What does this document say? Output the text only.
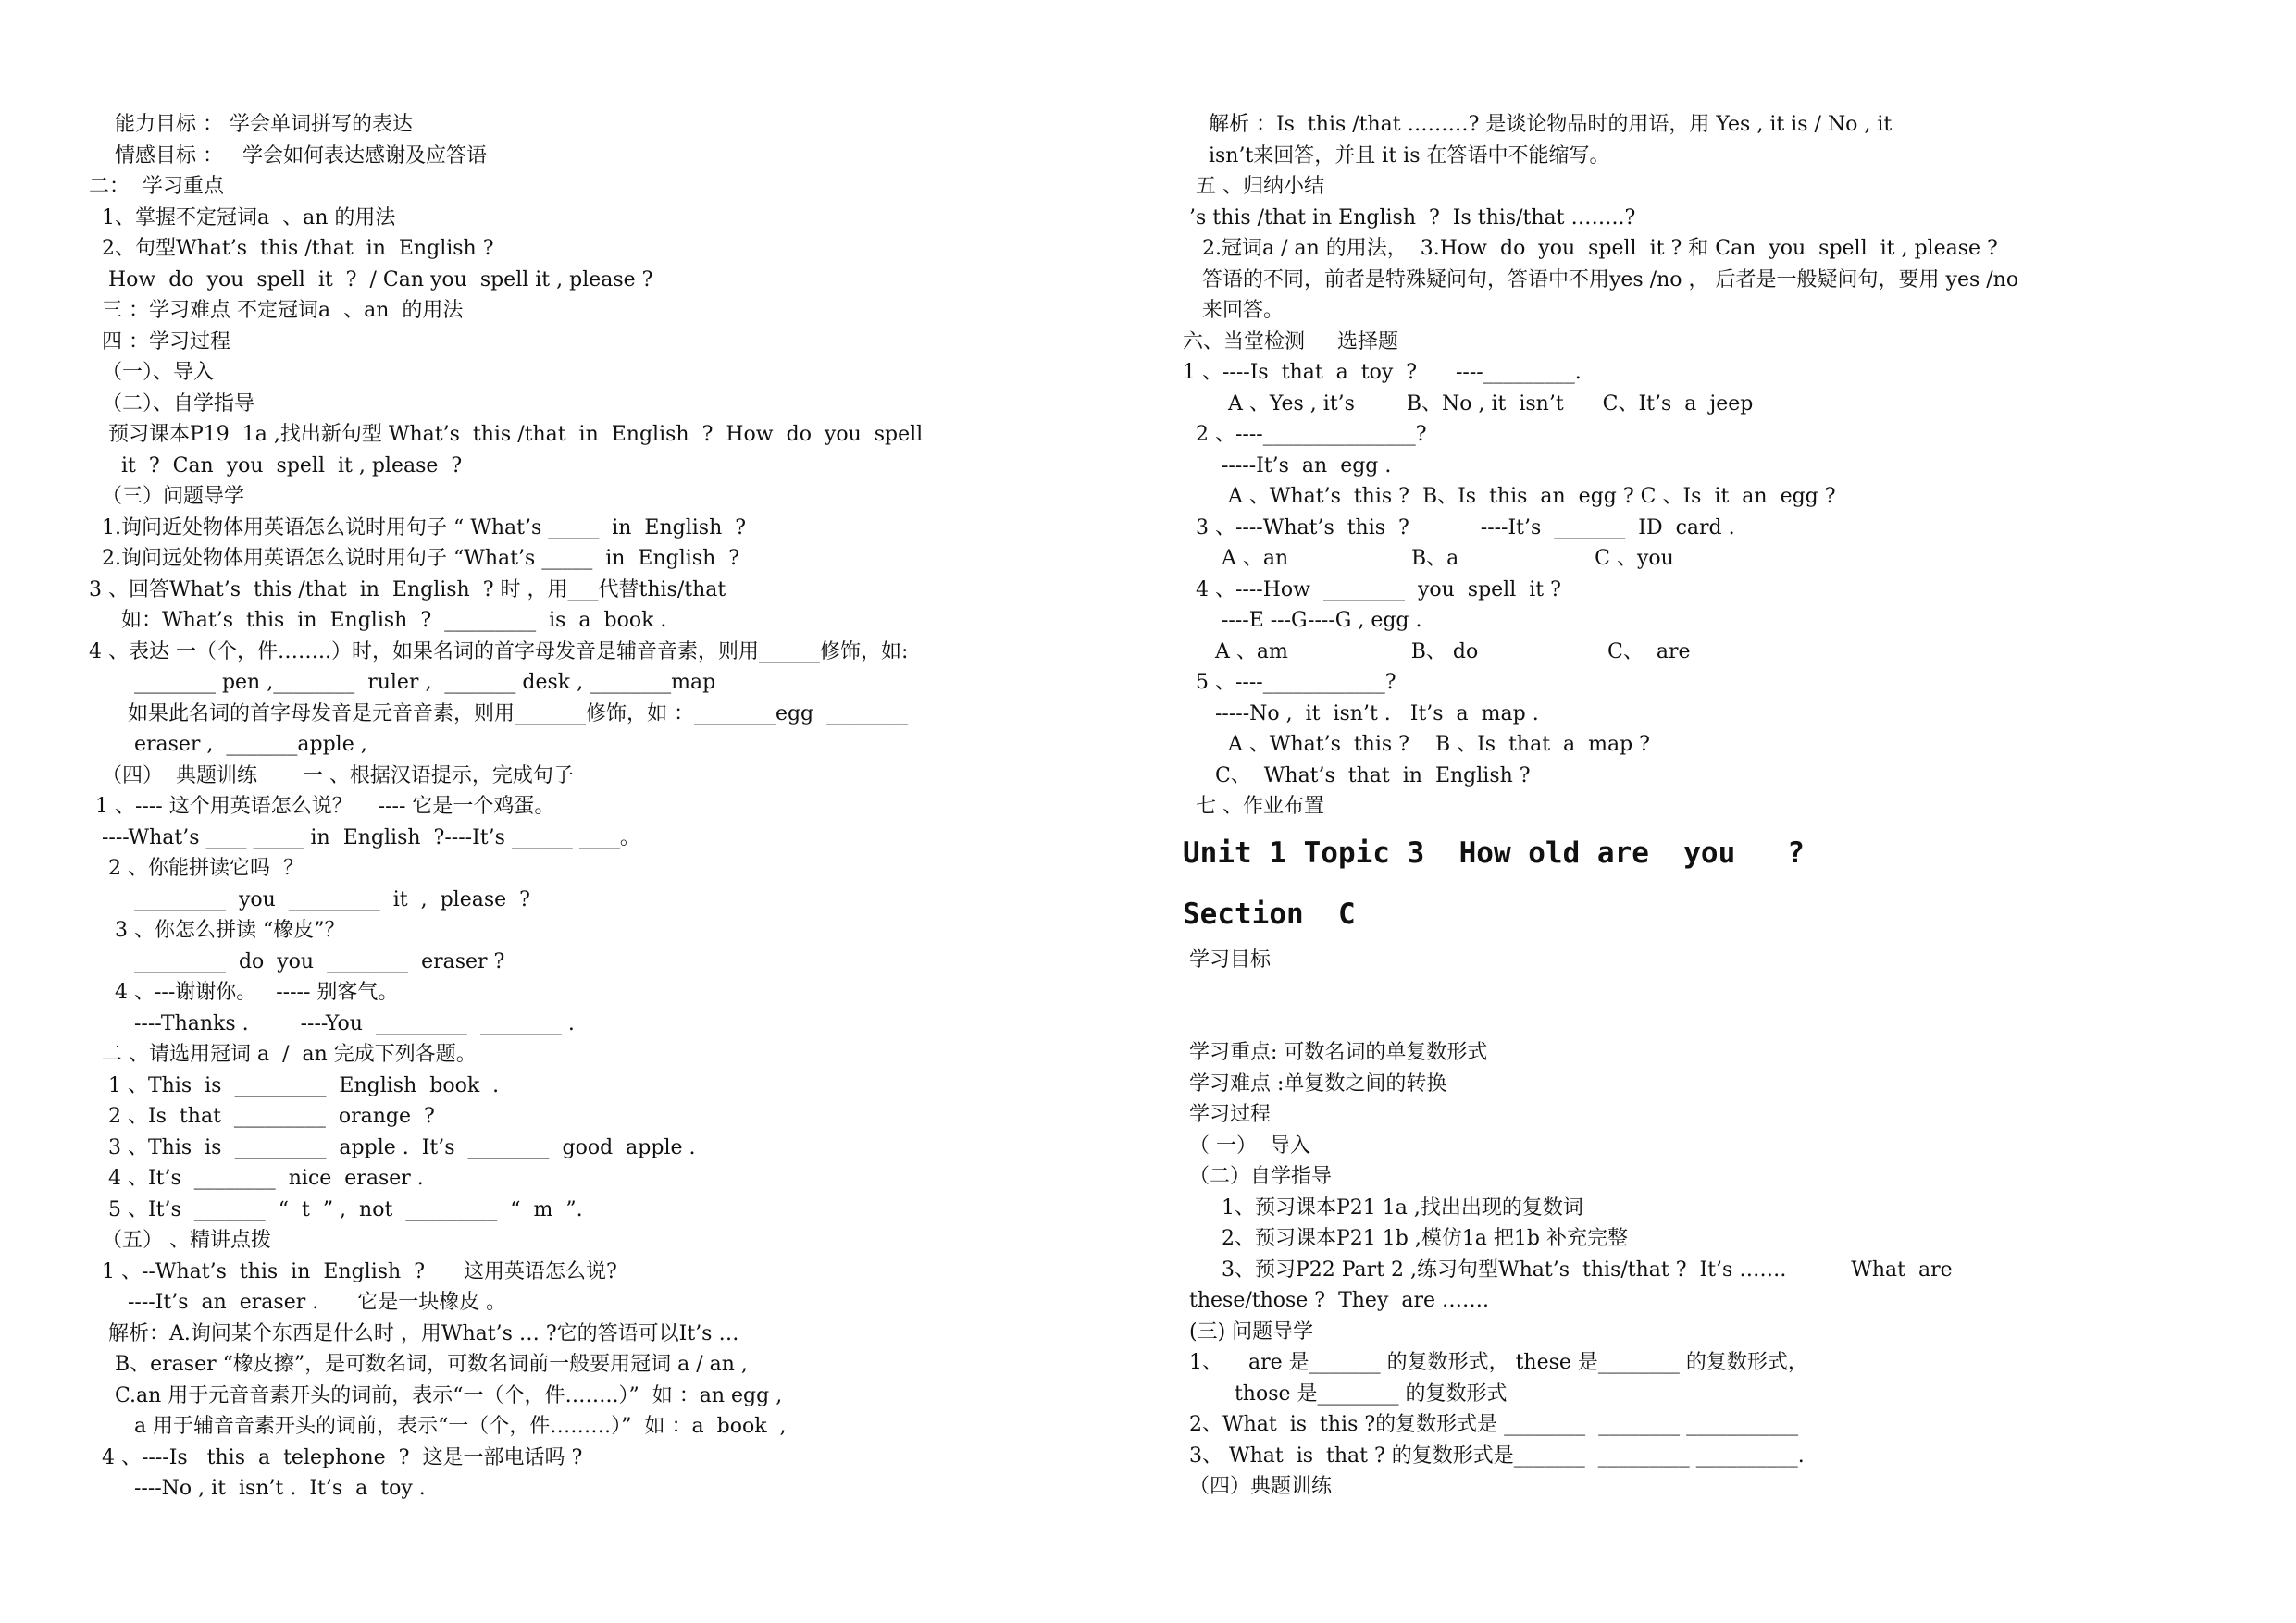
能力目标 ： 学会单词拼写的表达
情感目标 ：   学会如何表达感谢及应答语
二：  学习重点
1、掌握不定冠词a  、an 的用法
2、句型What’s  this /that  in  English ?
How  do  you  spell  it  ?  / Can you  spell it , please ?
三 ：学习难点 不定冠词a  、an  的用法
四 ：学习过程
（一）、导入
（二）、自学指导
预习课本P19  1a ,找出新句型 What’s  this /that  in  English  ?  How  do  you  spell
it  ?  Can  you  spell  it , please  ?
（三）问题导学
1.询问近处物体用英语怎么说时用句子 “ What’s _____  in  English  ?
2.询问远处物体用英语怎么说时用句子 “What’s _____  in  English  ?
3 、回答What’s  this /that  in  English  ? 时 ，用___代替this/that
如：What’s  this  in  English  ?  _________  is  a  book .
4 、表达 一（个，件……..）时，如果名词的首字母发音是辅音音素，则用______修饰，如:
________ pen ,________  ruler ,  _______ desk , ________map
如果此名词的首字母发音是元音音素，则用_______修饰，如 ：________egg  ________
eraser ,  _______apple ,
（四）  典题训练       一 、根据汉语提示，完成句子
1 、---- 这个用英语怎么说？    ---- 它是一个鸡蛋。
----What’s ____ _____ in  English  ?----It’s ______ ____。
2 、你能拼读它吗  ？
_________  you  _________  it  ,  please  ?
3 、你怎么拼读 “橡皮”？
_________  do  you  ________  eraser ?
4 、---谢谢你。   ----- 别客气。
----Thanks .        ----You  _________  ________ .
二 、请选用冠词 a  /  an 完成下列各题。
1 、This  is  _________  English  book  .
2 、Is  that  _________  orange  ?
3 、This  is  _________  apple .  It’s  ________  good  apple .
4 、It’s  ________  nice  eraser .
5 、It’s  _______  “  t  ” ,  not  _________  “  m  ”.
（五） 、精讲点拨
1 、--What’s  this  in  English  ?      这用英语怎么说?
----It’s  an  eraser .      它是一块橡皮 。
解析：A.询问某个东西是什么时 ，用What’s … ?它的答语可以It’s …
B、eraser “橡皮擦”，是可数名词，可数名词前一般要用冠词 a / an ,
C.an 用于元音音素开头的词前，表示“一（个，件……..）”  如 ：an egg ,
a 用于辅音音素开头的词前，表示“一（个，件………）”  如 ：a  book  ,
4 、----Is   this  a  telephone  ?  这是一部电话吗 ?
----No , it  isn’t .  It’s  a  toy .
解析 ：Is  this /that ………? 是谈论物品时的用语，用 Yes , it is / No , it
isn’t来回答，并且 it is 在答语中不能缩写。
五 、归纳小结
’s this /that in English  ?  Is this/that ……..?
2.冠词a / an 的用法，  3.How  do  you  spell  it ? 和 Can  you  spell  it , please ?
答语的不同，前者是特殊疑问句，答语中不用yes /no ， 后者是一般疑问句，要用 yes /no
来回答。
六、当堂检测     选择题
1 、----Is  that  a  toy  ?      ----_________.
A 、Yes , it’s        B、No , it  isn’t      C、It’s  a  jeep
2 、----_______________?
-----It’s  an  egg .
A 、What’s  this ?  B、Is  this  an  egg ? C 、Is  it  an  egg ?
3 、----What’s  this  ?           ----It’s  _______  ID  card .
A 、an                   B、a                     C 、you
4 、----How  ________  you  spell  it ?
----E ---G----G , egg .
A 、am                   B、 do                    C、  are
5 、----____________?
-----No ,  it  isn’t .   It’s  a  map .
A 、What’s  this ?    B 、Is  that  a  map ?
C、  What’s  that  in  English ?
七 、作业布置
Unit 1 Topic 3  How old are  you   ?
Section  C
学习目标
学习重点: 可数名词的单复数形式
学习难点 :单复数之间的转换
学习过程
（ 一）  导入
（二）自学指导
1、预习课本P21 1a ,找出出现的复数词
2、预习课本P21 1b ,模仿1a 把1b 补充完整
3、预习P22 Part 2 ,练习句型What’s  this/that ?  It’s …….          What  are
these/those ?  They  are …….
(三) 问题导学
1、    are 是_______ 的复数形式， these 是________ 的复数形式，
those 是________ 的复数形式
2、What  is  this ?的复数形式是 ________  ________ ___________
3、 What  is  that ? 的复数形式是_______  _________ __________.
（四）典题训练
